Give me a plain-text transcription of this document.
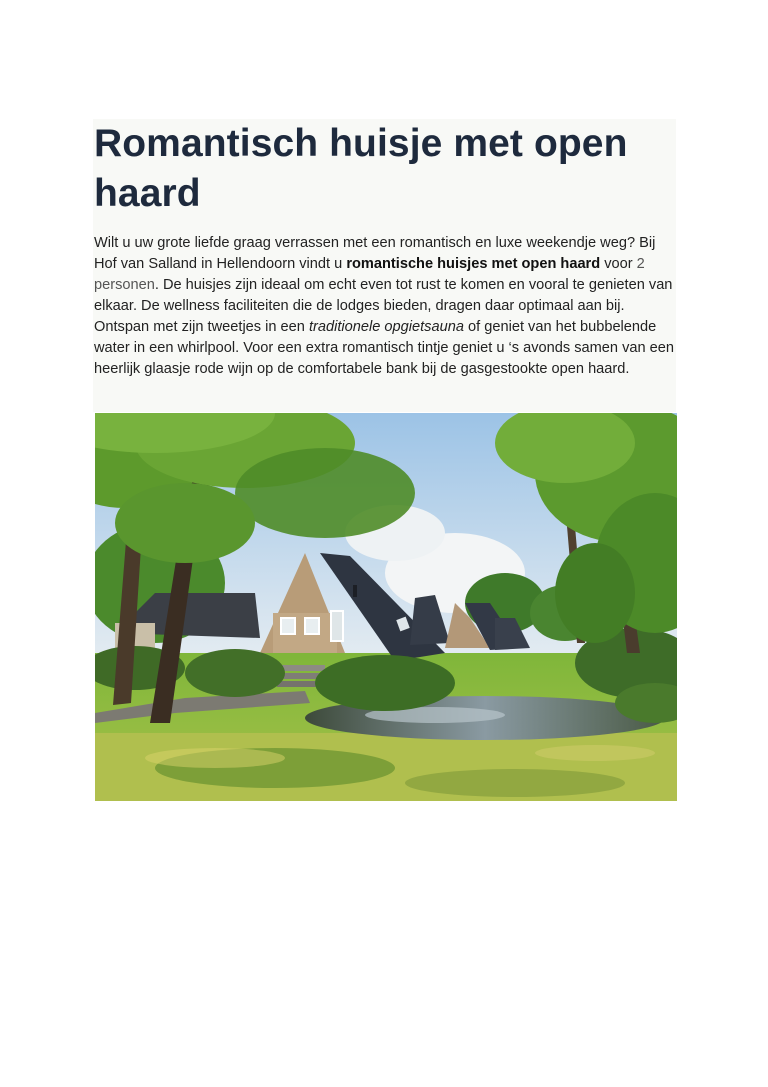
Romantisch huisje met open haard

Wilt u uw grote liefde graag verrassen met een romantisch en luxe weekendje weg? Bij Hof van Salland in Hellendoorn vindt u romantische huisjes met open haard voor 2 personen. De huisjes zijn ideaal om echt even tot rust te komen en vooral te genieten van elkaar. De wellness faciliteiten die de lodges bieden, dragen daar optimaal aan bij. Ontspan met zijn tweetjes in een traditionele opgietsauna of geniet van het bubbelende water in een whirlpool. Voor een extra romantisch tintje geniet u ‘s avonds samen van een heerlijk glaasje rode wijn op de comfortabele bank bij de gasgestookte open haard.
